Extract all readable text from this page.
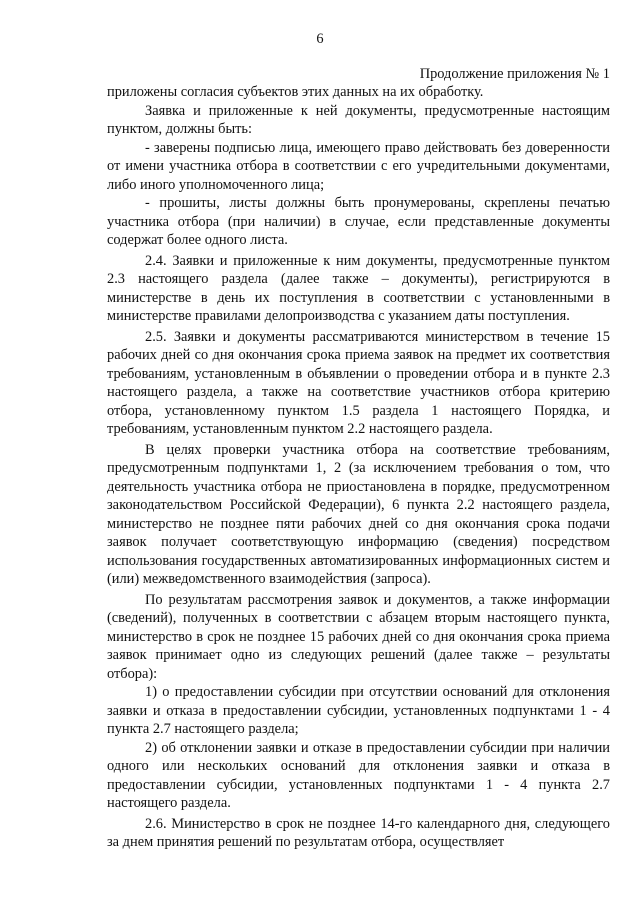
6
Продолжение приложения № 1

приложены согласия субъектов этих данных на их обработку.

Заявка и приложенные к ней документы, предусмотренные настоящим пунктом, должны быть:

- заверены подписью лица, имеющего право действовать без доверенности от имени участника отбора в соответствии с его учредительными документами, либо иного уполномоченного лица;

- прошиты, листы должны быть пронумерованы, скреплены печатью участника отбора (при наличии) в случае, если представленные документы содержат более одного листа.

2.4. Заявки и приложенные к ним документы, предусмотренные пунктом 2.3 настоящего раздела (далее также – документы), регистрируются в министерстве в день их поступления в соответствии с установленными в министерстве правилами делопроизводства с указанием даты поступления.

2.5. Заявки и документы рассматриваются министерством в течение 15 рабочих дней со дня окончания срока приема заявок на предмет их соответствия требованиям, установленным в объявлении о проведении отбора и в пункте 2.3 настоящего раздела, а также на соответствие участников отбора критерию отбора, установленному пунктом 1.5 раздела 1 настоящего Порядка, и требованиям, установленным пунктом 2.2 настоящего раздела.

В целях проверки участника отбора на соответствие требованиям, предусмотренным подпунктами 1, 2 (за исключением требования о том, что деятельность участника отбора не приостановлена в порядке, предусмотренном законодательством Российской Федерации), 6 пункта 2.2 настоящего раздела, министерство не позднее пяти рабочих дней со дня окончания срока подачи заявок получает соответствующую информацию (сведения) посредством использования государственных автоматизированных информационных систем и (или) межведомственного взаимодействия (запроса).

По результатам рассмотрения заявок и документов, а также информации (сведений), полученных в соответствии с абзацем вторым настоящего пункта, министерство в срок не позднее 15 рабочих дней со дня окончания срока приема заявок принимает одно из следующих решений (далее также – результаты отбора):

1) о предоставлении субсидии при отсутствии оснований для отклонения заявки и отказа в предоставлении субсидии, установленных подпунктами 1 - 4 пункта 2.7 настоящего раздела;

2) об отклонении заявки и отказе в предоставлении субсидии при наличии одного или нескольких оснований для отклонения заявки и отказа в предоставлении субсидии, установленных подпунктами 1 - 4 пункта 2.7 настоящего раздела.

2.6. Министерство в срок не позднее 14-го календарного дня, следующего за днем принятия решений по результатам отбора, осуществляет
